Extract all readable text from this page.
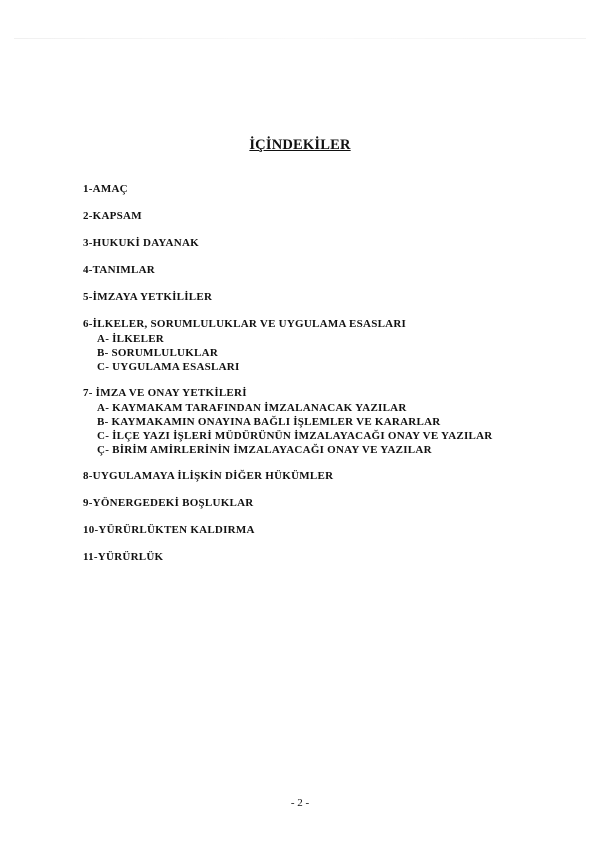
İÇİNDEKİLER
1-AMAÇ
2-KAPSAM
3-HUKUKİ DAYANAK
4-TANIMLAR
5-İMZAYA YETKİLİLER
6-İLKELER, SORUMLULUKLAR VE UYGULAMA ESASLARI
A- İLKELER
B- SORUMLULUKLAR
C- UYGULAMA ESASLARI
7- İMZA VE ONAY YETKİLERİ
A- KAYMAKAM TARAFINDAN İMZALANACAK YAZILAR
B- KAYMAKAMIN ONAYINA BAĞLI İŞLEMLER VE KARARLAR
C- İLÇE YAZI İŞLERİ MÜDÜRÜNÜN İMZALAYACAĞI ONAY VE YAZILAR
Ç- BİRİM AMİRLERİNİN İMZALAYACAĞI ONAY VE YAZILAR
8-UYGULAMAYA İLİŞKİN DİĞER HÜKÜMLER
9-YÖNERGEDEKİ BOŞLUKLAR
10-YÜRÜRLÜKTEN KALDIRMA
11-YÜRÜRLÜK
- 2 -
